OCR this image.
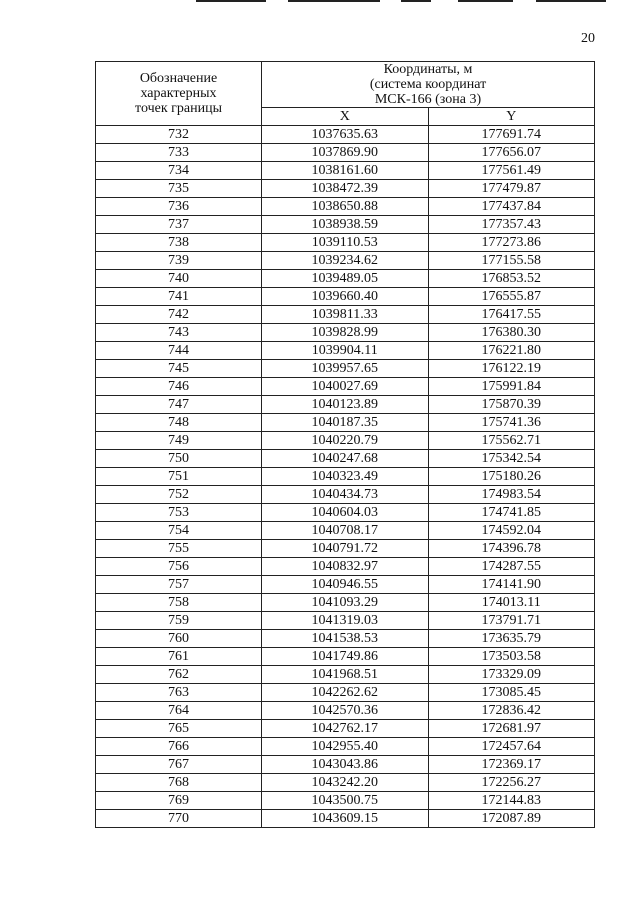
20
Обозначение
характерных
точек границы	Координаты, м
(система координат
МСК-166 (зона 3)	
	X	Y
732	1037635.63	177691.74
733	1037869.90	177656.07
734	1038161.60	177561.49
735	1038472.39	177479.87
736	1038650.88	177437.84
737	1038938.59	177357.43
738	1039110.53	177273.86
739	1039234.62	177155.58
740	1039489.05	176853.52
741	1039660.40	176555.87
742	1039811.33	176417.55
743	1039828.99	176380.30
744	1039904.11	176221.80
745	1039957.65	176122.19
746	1040027.69	175991.84
747	1040123.89	175870.39
748	1040187.35	175741.36
749	1040220.79	175562.71
750	1040247.68	175342.54
751	1040323.49	175180.26
752	1040434.73	174983.54
753	1040604.03	174741.85
754	1040708.17	174592.04
755	1040791.72	174396.78
756	1040832.97	174287.55
757	1040946.55	174141.90
758	1041093.29	174013.11
759	1041319.03	173791.71
760	1041538.53	173635.79
761	1041749.86	173503.58
762	1041968.51	173329.09
763	1042262.62	173085.45
764	1042570.36	172836.42
765	1042762.17	172681.97
766	1042955.40	172457.64
767	1043043.86	172369.17
768	1043242.20	172256.27
769	1043500.75	172144.83
770	1043609.15	172087.89
